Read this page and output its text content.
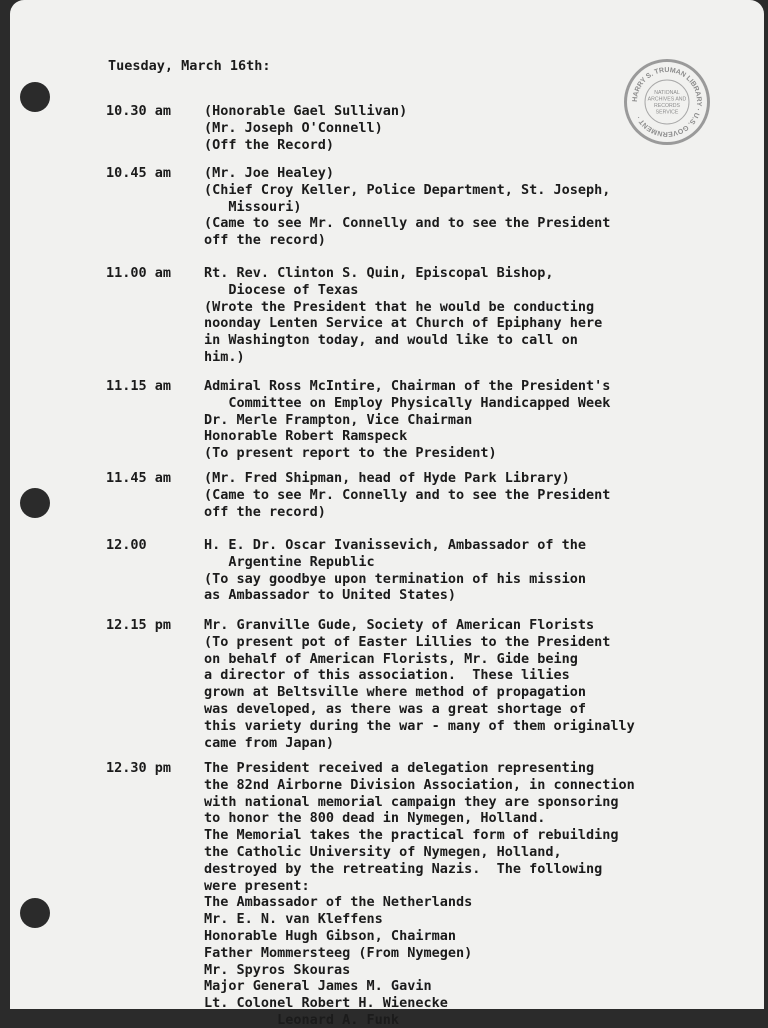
HARRY S. TRUMAN LIBRARY · U.S. GOVERNMENT ·
NATIONAL
ARCHIVES AND
RECORDS
SERVICE
Tuesday, March 16th:
10.30 am (Honorable Gael Sullivan)
(Mr. Joseph O'Connell)
(Off the Record)
10.45 am (Mr. Joe Healey)
(Chief Croy Keller, Police Department, St. Joseph,
Missouri)
(Came to see Mr. Connelly and to see the President
off the record)
11.00 am Rt. Rev. Clinton S. Quin, Episcopal Bishop,
Diocese of Texas
(Wrote the President that he would be conducting
noonday Lenten Service at Church of Epiphany here
in Washington today, and would like to call on
him.)
11.15 am Admiral Ross McIntire, Chairman of the President's
Committee on Employ Physically Handicapped Week
Dr. Merle Frampton, Vice Chairman
Honorable Robert Ramspeck
(To present report to the President)
11.45 am (Mr. Fred Shipman, head of Hyde Park Library)
(Came to see Mr. Connelly and to see the President
off the record)
12.00	H. E. Dr. Oscar Ivanissevich, Ambassador of the
Argentine Republic
(To say goodbye upon termination of his mission
as Ambassador to United States)
12.15 pm Mr. Granville Gude, Society of American Florists
(To present pot of Easter Lillies to the President
on behalf of American Florists, Mr. Gide being
a director of this association.  These lilies
grown at Beltsville where method of propagation
was developed, as there was a great shortage of
this variety during the war - many of them originally
came from Japan)
12.30 pm The President received a delegation representing
the 82nd Airborne Division Association, in connection
with national memorial campaign they are sponsoring
to honor the 800 dead in Nymegen, Holland.
The Memorial takes the practical form of rebuilding
the Catholic University of Nymegen, Holland,
destroyed by the retreating Nazis.  The following
were present:
The Ambassador of the Netherlands
Mr. E. N. van Kleffens
Honorable Hugh Gibson, Chairman
Father Mommersteeg (From Nymegen)
Mr. Spyros Skouras
Major General James M. Gavin
Lt. Colonel Robert H. Wienecke
Leonard A. Funk
